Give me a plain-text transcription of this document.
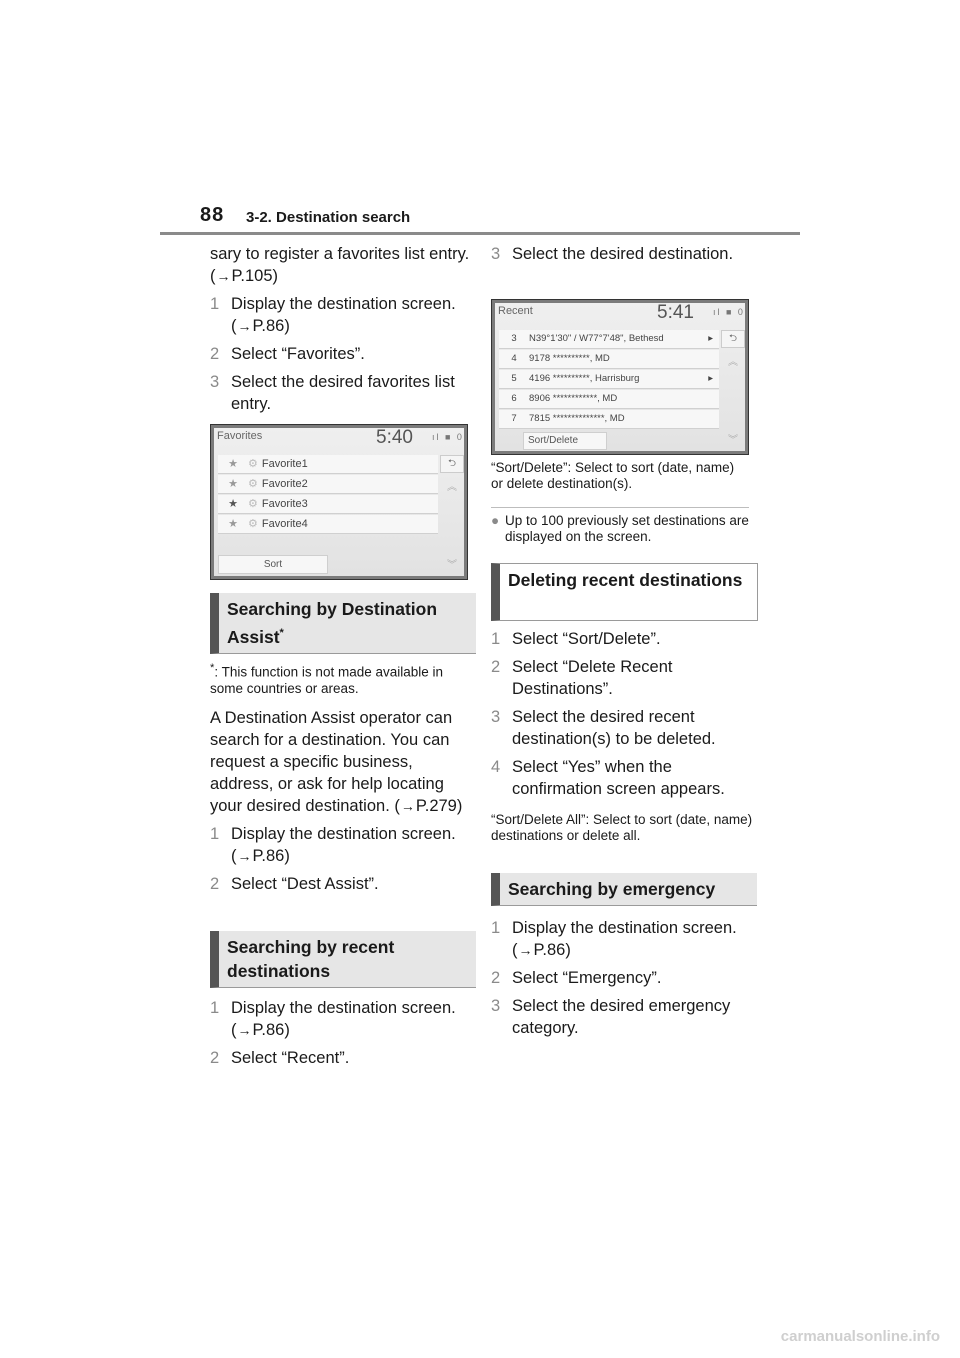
88 3-2. Destination search

sary to register a favorites list entry. (→P.105)

1 Display the destination screen. (→P.86)
2 Select “Favorites”.
3 Select the desired favorites list entry.
Favorites	5:40 ıl ■ 0
★ ⚙ Favorite1
★ ⚙ Favorite2
★ ⚙ Favorite3
★ ⚙ Favorite4
⮌
︽
︾
Sort
Searching by Destination Assist*
*: This function is not made available in some countries or areas.

A Destination Assist operator can search for a destination. You can request a specific business, address, or ask for help locating your desired destination. (→P.279)

1 Display the destination screen. (→P.86)
2 Select “Dest Assist”.
Searching by recent destinations
1 Display the destination screen. (→P.86)
2 Select “Recent”.
3 Select the desired destination.
Recent	5:41 ıl ■ 0
3 N39°1'30" / W77°7'48", Bethesd	▸
4 9178 **********, MD
5 4196 **********, Harrisburg	▸
6 8906 ************, MD
7 7815 **************, MD
⮌
︽
︾
Sort/Delete
“Sort/Delete”: Select to sort (date, name) or delete destination(s).
● Up to 100 previously set destinations are displayed on the screen.
Deleting recent destinations
1 Select “Sort/Delete”.
2 Select “Delete Recent Destinations”.
3 Select the desired recent destination(s) to be deleted.
4 Select “Yes” when the confirmation screen appears.
“Sort/Delete All”: Select to sort (date, name) destinations or delete all.
Searching by emergency
1 Display the destination screen. (→P.86)
2 Select “Emergency”.
3 Select the desired emergency category.
carmanualsonline.info
